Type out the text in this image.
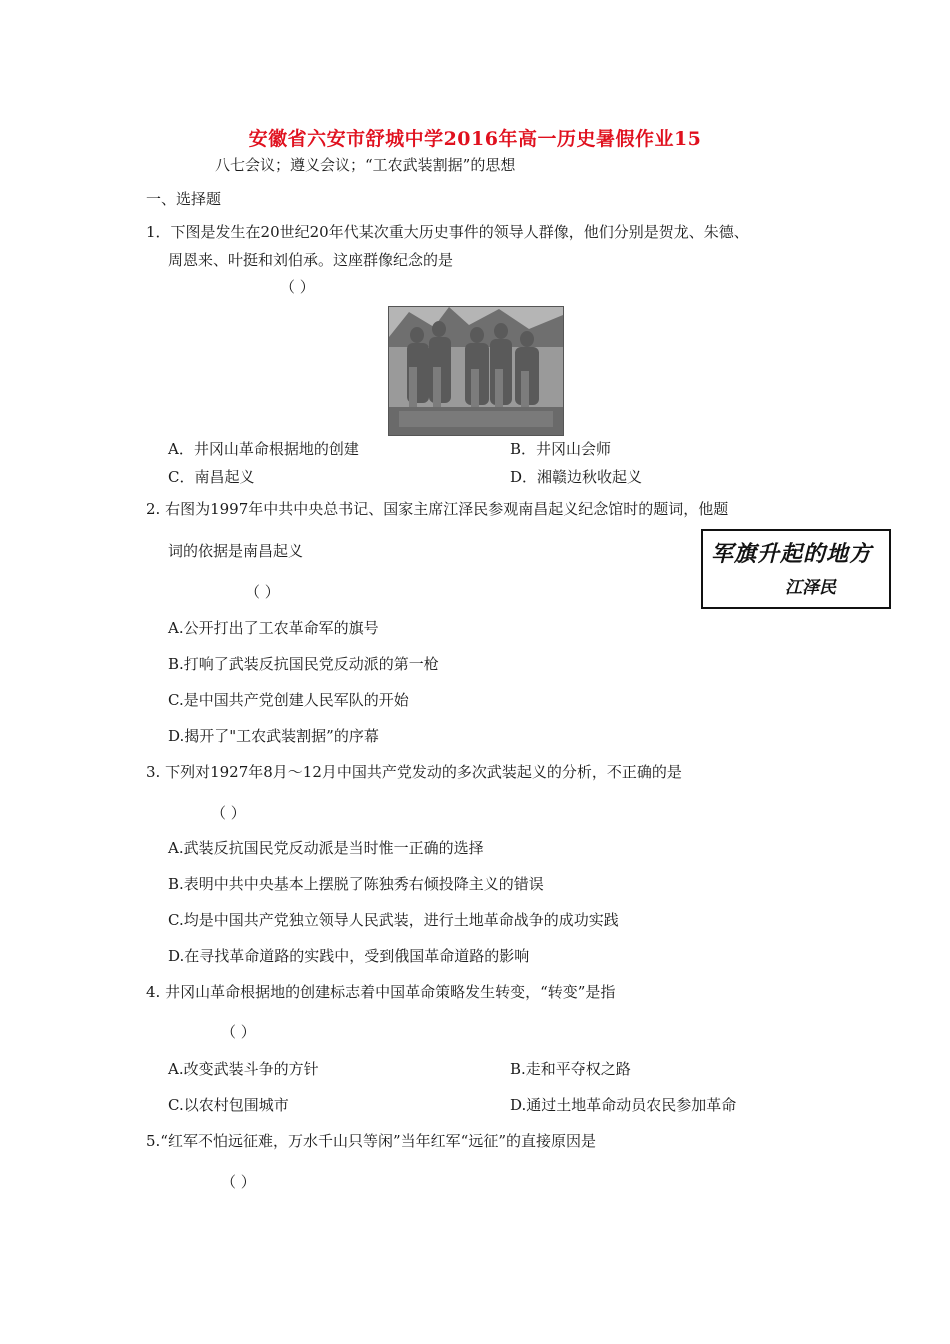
安徽省六安市舒城中学2016年高一历史暑假作业15
八七会议；遵义会议；“工农武装割据”的思想
一、选择题
1．下图是发生在20世纪20年代某次重大历史事件的领导人群像，他们分别是贺龙、朱德、
周恩来、叶挺和刘伯承。这座群像纪念的是
（ ）
A．井冈山革命根据地的创建	B．井冈山会师
C．南昌起义	D．湘赣边秋收起义
2. 右图为1997年中共中央总书记、国家主席江泽民参观南昌起义纪念馆时的题词，他题
词的依据是南昌起义	军旗升起的地方
江泽民
（ ）
A.公开打出了工农革命军的旗号
B.打响了武装反抗国民党反动派的第一枪
C.是中国共产党创建人民军队的开始
D.揭开了"工农武装割据”的序幕
3. 下列对1927年8月～12月中国共产党发动的多次武装起义的分析，不正确的是
（ ）
A.武装反抗国民党反动派是当时惟一正确的选择
B.表明中共中央基本上摆脱了陈独秀右倾投降主义的错误
C.均是中国共产党独立领导人民武装，进行土地革命战争的成功实践
D.在寻找革命道路的实践中，受到俄国革命道路的影响
4. 井冈山革命根据地的创建标志着中国革命策略发生转变，“转变”是指
（ ）
A.改变武装斗争的方针	B.走和平夺权之路
C.以农村包围城市	D.通过土地革命动员农民参加革命
5.“红军不怕远征难，万水千山只等闲”当年红军“远征”的直接原因是
（ ）
